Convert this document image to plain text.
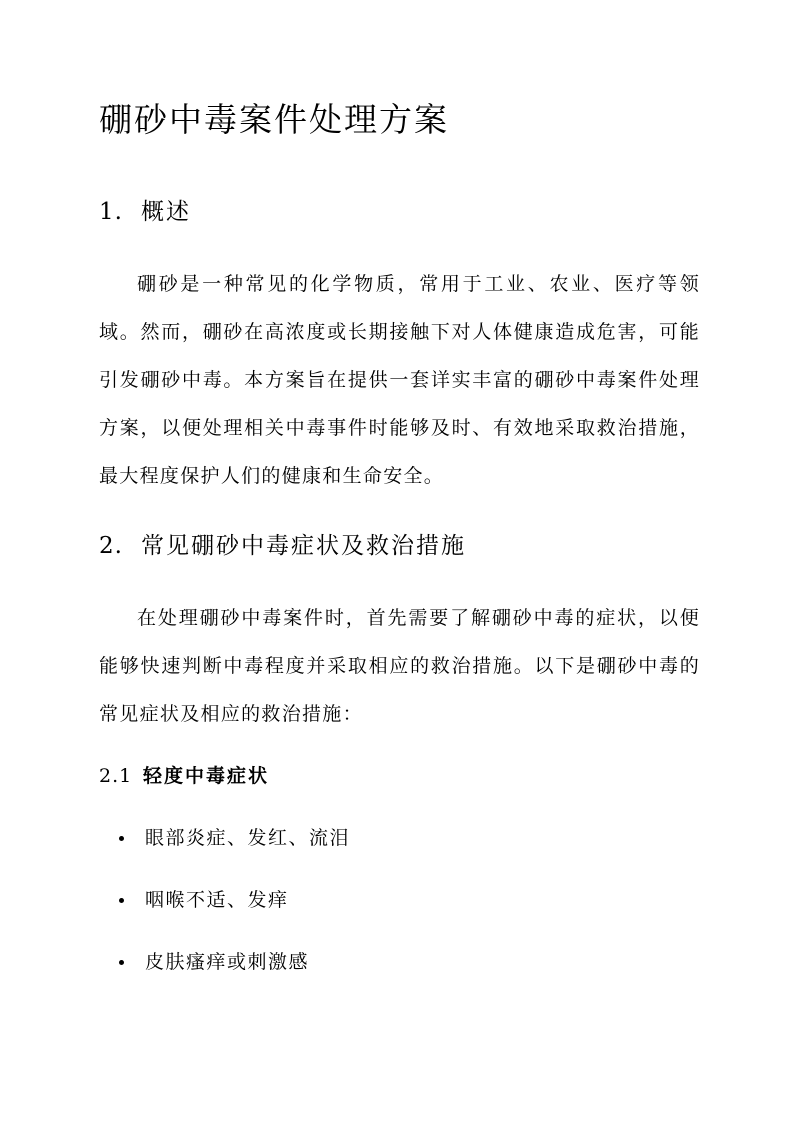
硼砂中毒案件处理方案
1. 概述

硼砂是一种常见的化学物质，常用于工业、农业、医疗等领域。然而，硼砂在高浓度或长期接触下对人体健康造成危害，可能引发硼砂中毒。本方案旨在提供一套详实丰富的硼砂中毒案件处理方案，以便处理相关中毒事件时能够及时、有效地采取救治措施，最大程度保护人们的健康和生命安全。

2. 常见硼砂中毒症状及救治措施

在处理硼砂中毒案件时，首先需要了解硼砂中毒的症状，以便能够快速判断中毒程度并采取相应的救治措施。以下是硼砂中毒的常见症状及相应的救治措施：

2.1 轻度中毒症状
眼部炎症、发红、流泪
咽喉不适、发痒
皮肤瘙痒或刺激感
